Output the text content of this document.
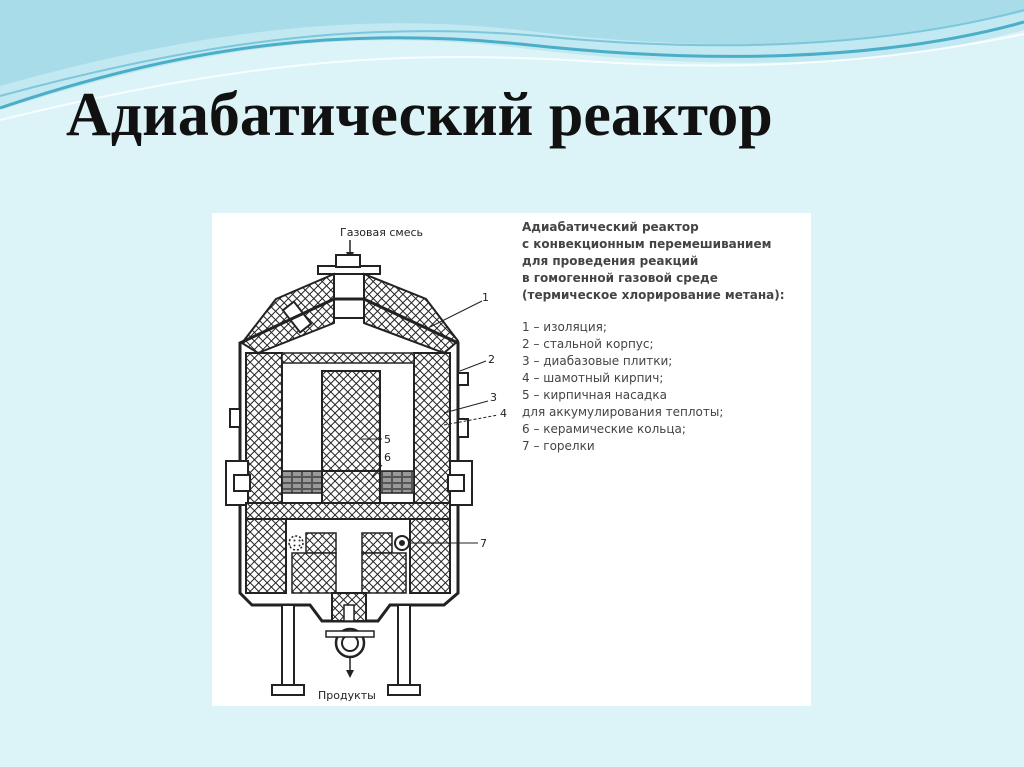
Адиабатический реактор
Газовая смесь
Продукты
1
2
3
4
5
6
7
Адиабатический реактор
с конвекционным перемешиванием
для проведения реакций
в гомогенной газовой среде
(термическое хлорирование метана):
1 – изоляция;
2 – стальной корпус;
3 – диабазовые плитки;
4 – шамотный кирпич;
5 – кирпичная насадка
для аккумулирования теплоты;
6 – керамические кольца;
7 – горелки
